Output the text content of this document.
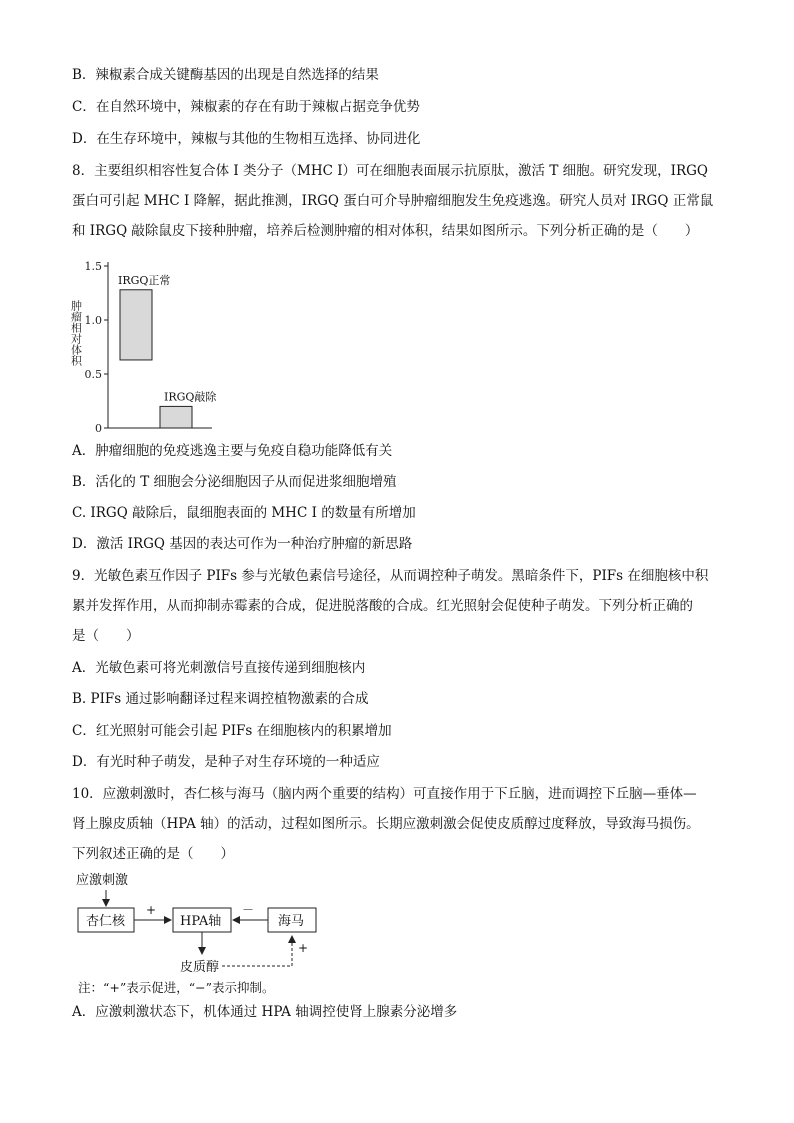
B．辣椒素合成关键酶基因的出现是自然选择的结果
C．在自然环境中，辣椒素的存在有助于辣椒占据竞争优势
D．在生存环境中，辣椒与其他的生物相互选择、协同进化
8．主要组织相容性复合体 I 类分子（MHC I）可在细胞表面展示抗原肽，激活 T 细胞。研究发现，IRGQ
蛋白可引起 MHC I 降解，据此推测，IRGQ 蛋白可介导肿瘤细胞发生免疫逃逸。研究人员对 IRGQ 正常鼠
和 IRGQ 敲除鼠皮下接种肿瘤，培养后检测肿瘤的相对体积，结果如图所示。下列分析正确的是（　　）
1.5
1.0
0.5
0
IRGQ正常
IRGQ敲除
肿瘤相对体积
A．肿瘤细胞的免疫逃逸主要与免疫自稳功能降低有关
B．活化的 T 细胞会分泌细胞因子从而促进浆细胞增殖
C. IRGQ 敲除后，鼠细胞表面的 MHC I 的数量有所增加
D．激活 IRGQ 基因的表达可作为一种治疗肿瘤的新思路
9．光敏色素互作因子 PIFs 参与光敏色素信号途径，从而调控种子萌发。黑暗条件下，PIFs 在细胞核中积
累并发挥作用，从而抑制赤霉素的合成，促进脱落酸的合成。红光照射会促使种子萌发。下列分析正确的
是（　　）
A．光敏色素可将光刺激信号直接传递到细胞核内
B. PIFs 通过影响翻译过程来调控植物激素的合成
C．红光照射可能会引起 PIFs 在细胞核内的积累增加
D．有光时种子萌发，是种子对生存环境的一种适应
10．应激刺激时，杏仁核与海马（脑内两个重要的结构）可直接作用于下丘脑，进而调控下丘脑—垂体—
肾上腺皮质轴（HPA 轴）的活动，过程如图所示。长期应激刺激会促使皮质醇过度释放，导致海马损伤。
下列叙述正确的是（　　）
应激刺激
杏仁核
+
HPA轴
－
海马
皮质醇
+
注：“+”表示促进，“−”表示抑制。
A．应激刺激状态下，机体通过 HPA 轴调控使肾上腺素分泌增多
